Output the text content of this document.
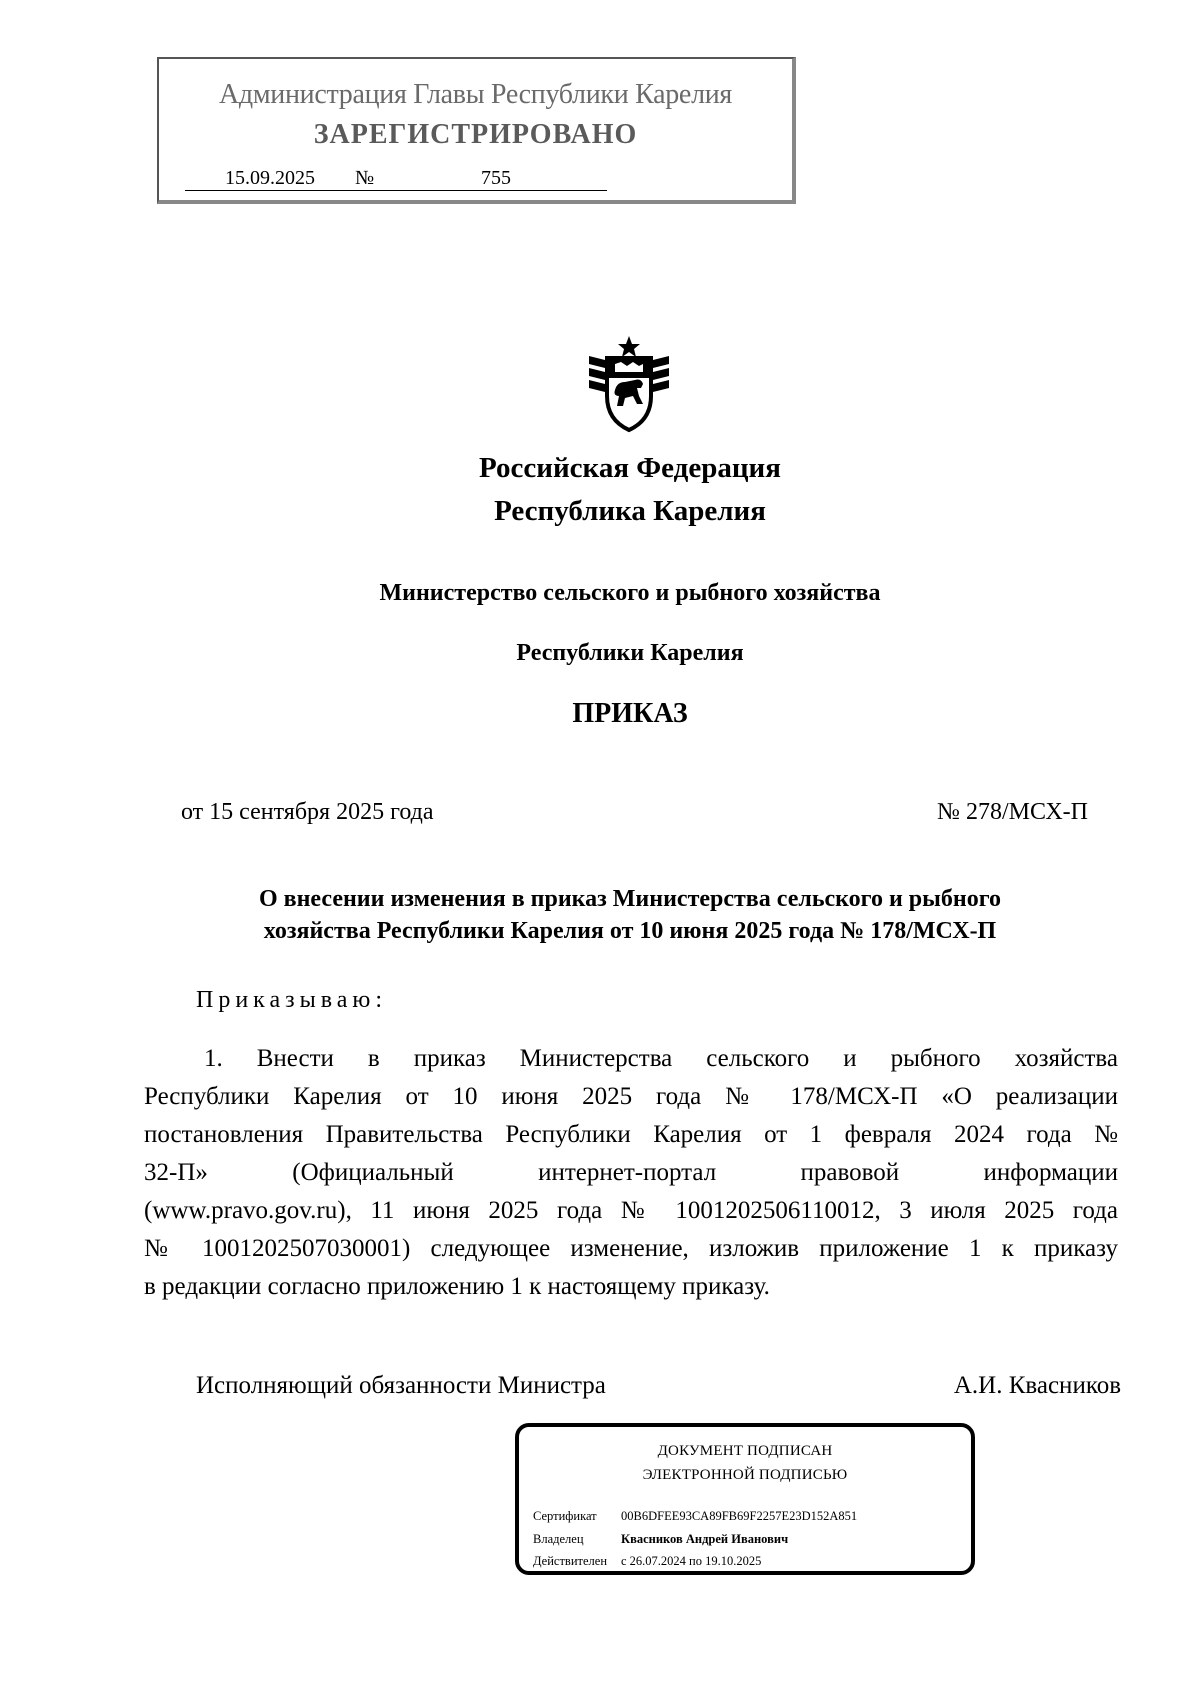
Администрация Главы Республики Карелия
ЗАРЕГИСТРИРОВАНО
15.09.2025 №	755
Российская Федерация
Республика Карелия
Министерство сельского и рыбного хозяйства
Республики Карелия
ПРИКАЗ
от 15 сентября 2025 года	№ 278/МСХ-П
О внесении изменения в приказ Министерства сельского и рыбного
хозяйства Республики Карелия от 10 июня 2025 года № 178/МСХ-П
Приказываю:
1. Внести в приказ Министерства сельского и рыбного хозяйства
Республики Карелия от 10 июня 2025 года № 178/МСХ-П «О реализации
постановления Правительства Республики Карелия от 1 февраля 2024 года №
32-П» (Официальный интернет-портал правовой информации
(www.pravo.gov.ru), 11 июня 2025 года № 1001202506110012, 3 июля 2025 года
№ 1001202507030001) следующее изменение, изложив приложение 1 к приказу
в редакции согласно приложению 1 к настоящему приказу.
Исполняющий обязанности Министра	А.И. Квасников
ДОКУМЕНТ ПОДПИСАН
ЭЛЕКТРОННОЙ ПОДПИСЬЮ
Сертификат 00B6DFEE93CA89FB69F2257E23D152A851
Владелец	Квасников Андрей Иванович
Действителен с 26.07.2024 по 19.10.2025
